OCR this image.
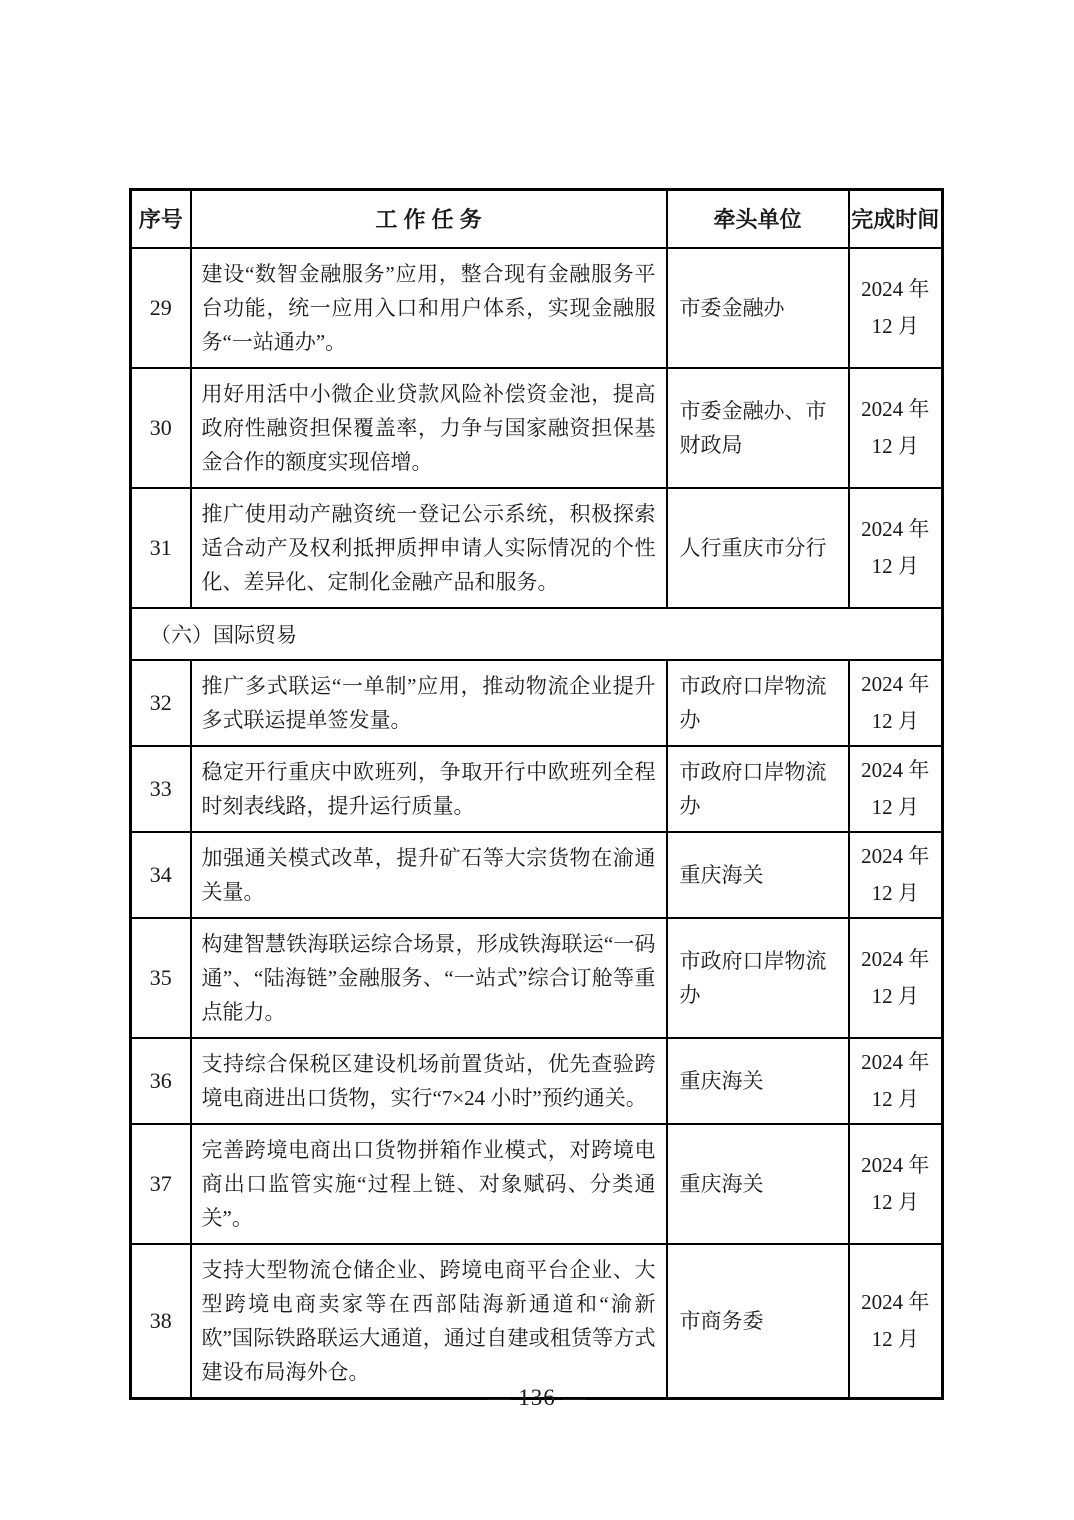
序号	工 作 任 务	牵头单位	完成时间
29	建设“数智金融服务”应用，整合现有金融服务平台功能，统一应用入口和用户体系，实现金融服务“一站通办”。	市委金融办	2024 年
12 月

30	用好用活中小微企业贷款风险补偿资金池，提高政府性融资担保覆盖率，力争与国家融资担保基金合作的额度实现倍增。	市委金融办、市财政局	2024 年
12 月

31	推广使用动产融资统一登记公示系统，积极探索适合动产及权利抵押质押申请人实际情况的个性化、差异化、定制化金融产品和服务。	人行重庆市分行	2024 年
12 月

（六）国际贸易			
32	推广多式联运“一单制”应用，推动物流企业提升多式联运提单签发量。	市政府口岸物流办	2024 年
12 月

33	稳定开行重庆中欧班列，争取开行中欧班列全程时刻表线路，提升运行质量。	市政府口岸物流办	2024 年
12 月

34	加强通关模式改革，提升矿石等大宗货物在渝通关量。	重庆海关	2024 年
12 月

35	构建智慧铁海联运综合场景，形成铁海联运“一码通”、“陆海链”金融服务、“一站式”综合订舱等重点能力。	市政府口岸物流办	2024 年
12 月

36	支持综合保税区建设机场前置货站，优先查验跨境电商进出口货物，实行“7×24 小时”预约通关。	重庆海关	2024 年
12 月

37	完善跨境电商出口货物拼箱作业模式，对跨境电商出口监管实施“过程上链、对象赋码、分类通关”。	重庆海关	2024 年
12 月

38	支持大型物流仓储企业、跨境电商平台企业、大型跨境电商卖家等在西部陆海新通道和“渝新欧”国际铁路联运大通道，通过自建或租赁等方式建设布局海外仓。	市商务委	2024 年
12 月
— 136 —
